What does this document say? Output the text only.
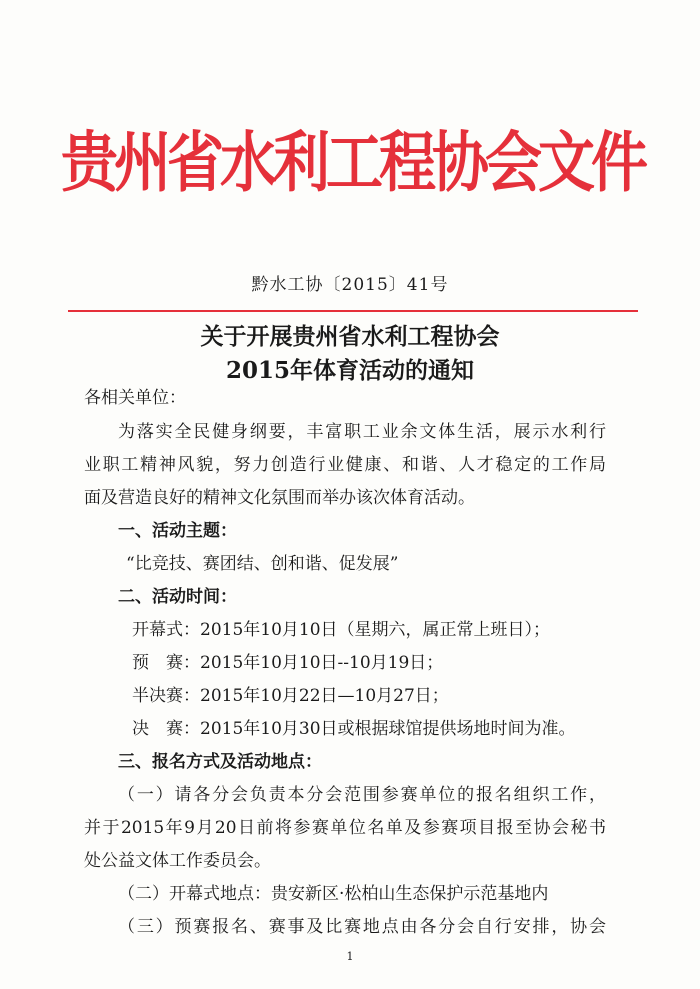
贵州省水利工程协会文件
黔水工协〔2015〕41号
关于开展贵州省水利工程协会
2015年体育活动的通知
各相关单位：
为落实全民健身纲要，丰富职工业余文体生活，展示水利行
业职工精神风貌，努力创造行业健康、和谐、人才稳定的工作局
面及营造良好的精神文化氛围而举办该次体育活动。
一、活动主题：
“比竞技、赛团结、创和谐、促发展”
二、活动时间：
开幕式：2015年10月10日（星期六，属正常上班日）；
预　赛：2015年10月10日--10月19日；
半决赛：2015年10月22日—10月27日；
决　赛：2015年10月30日或根据球馆提供场地时间为准。
三、报名方式及活动地点：
（一）请各分会负责本分会范围参赛单位的报名组织工作，
并于2015年9月20日前将参赛单位名单及参赛项目报至协会秘书
处公益文体工作委员会。
（二）开幕式地点：贵安新区·松柏山生态保护示范基地内
（三）预赛报名、赛事及比赛地点由各分会自行安排，协会
1
